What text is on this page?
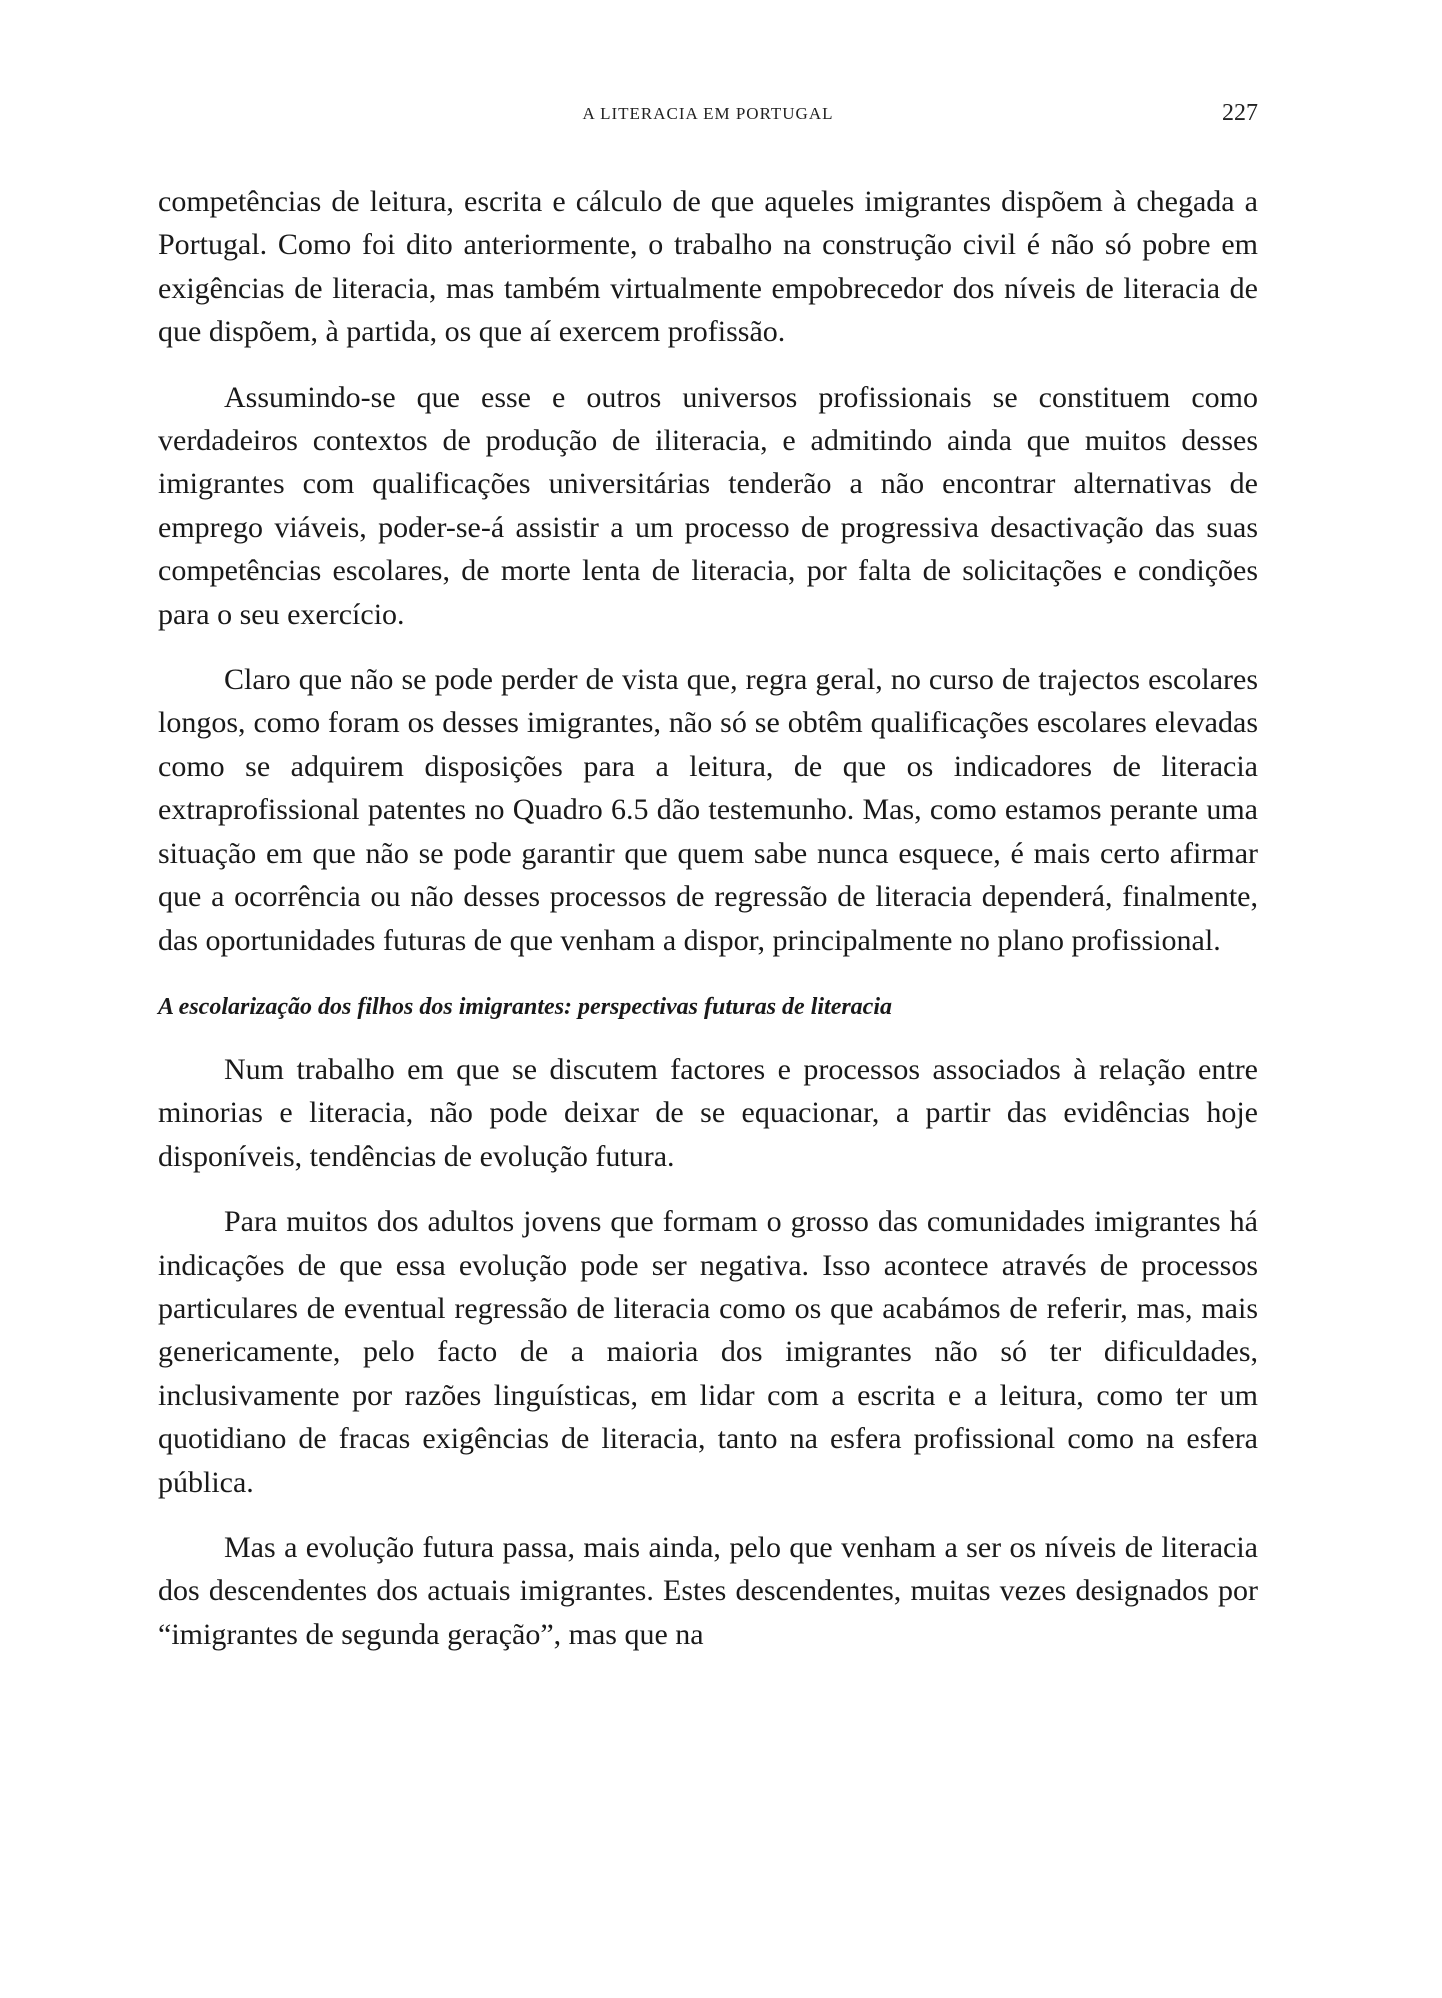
A LITERACIA EM PORTUGAL	227

competências de leitura, escrita e cálculo de que aqueles imigrantes dispõem à chegada a Portugal. Como foi dito anteriormente, o trabalho na construção civil é não só pobre em exigências de literacia, mas também virtualmente empobrecedor dos níveis de literacia de que dispõem, à partida, os que aí exercem profissão.

Assumindo-se que esse e outros universos profissionais se constituem como verdadeiros contextos de produção de iliteracia, e admitindo ainda que muitos desses imigrantes com qualificações universitárias tenderão a não encontrar alternativas de emprego viáveis, poder-se-á assistir a um processo de progressiva desactivação das suas competências escolares, de morte lenta de literacia, por falta de solicitações e condições para o seu exercício.

Claro que não se pode perder de vista que, regra geral, no curso de trajectos escolares longos, como foram os desses imigrantes, não só se obtêm qualificações escolares elevadas como se adquirem disposições para a leitura, de que os indicadores de literacia extraprofissional patentes no Quadro 6.5 dão testemunho. Mas, como estamos perante uma situação em que não se pode garantir que quem sabe nunca esquece, é mais certo afirmar que a ocorrência ou não desses processos de regressão de literacia dependerá, finalmente, das oportunidades futuras de que venham a dispor, principalmente no plano profissional.

A escolarização dos filhos dos imigrantes: perspectivas futuras de literacia

Num trabalho em que se discutem factores e processos associados à relação entre minorias e literacia, não pode deixar de se equacionar, a partir das evidências hoje disponíveis, tendências de evolução futura.

Para muitos dos adultos jovens que formam o grosso das comunidades imigrantes há indicações de que essa evolução pode ser negativa. Isso acontece através de processos particulares de eventual regressão de literacia como os que acabámos de referir, mas, mais genericamente, pelo facto de a maioria dos imigrantes não só ter dificuldades, inclusivamente por razões linguísticas, em lidar com a escrita e a leitura, como ter um quotidiano de fracas exigências de literacia, tanto na esfera profissional como na esfera pública.

Mas a evolução futura passa, mais ainda, pelo que venham a ser os níveis de literacia dos descendentes dos actuais imigrantes. Estes descendentes, muitas vezes designados por “imigrantes de segunda geração”, mas que na
